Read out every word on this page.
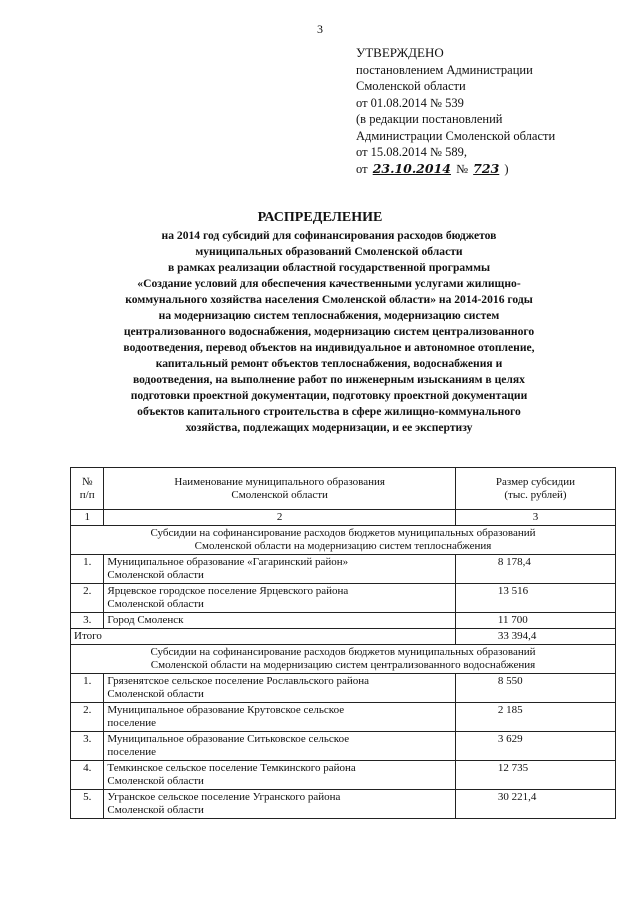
3
УТВЕРЖДЕНО
постановлением Администрации
Смоленской области
от 01.08.2014 № 539
(в редакции постановлений
Администрации Смоленской области
от 15.08.2014 № 589,
от 23.10.2014 № 723 )
РАСПРЕДЕЛЕНИЕ
на 2014 год субсидий для софинансирования расходов бюджетов
муниципальных образований Смоленской области
в рамках реализации областной государственной программы
«Создание условий для обеспечения качественными услугами жилищно-
коммунального хозяйства населения Смоленской области» на 2014-2016 годы
на модернизацию систем теплоснабжения, модернизацию систем
централизованного водоснабжения, модернизацию систем централизованного
водоотведения, перевод объектов на индивидуальное и автономное отопление,
капитальный ремонт объектов теплоснабжения, водоснабжения и
водоотведения, на выполнение работ по инженерным изысканиям в целях
подготовки проектной документации, подготовку проектной документации
объектов капитального строительства в сфере жилищно-коммунального
хозяйства, подлежащих модернизации, и ее экспертизу
№
п/п	Наименование муниципального образования
Смоленской области	Размер субсидии
(тыс. рублей)
1	2	3
Субсидии на софинансирование расходов бюджетов муниципальных образований
Смоленской области на модернизацию систем теплоснабжения		
1.	Муниципальное образование «Гагаринский район»
Смоленской области	8 178,4
2.	Ярцевское городское поселение Ярцевского района
Смоленской области	13 516
3.	Город Смоленск	11 700
Итого		33 394,4
Субсидии на софинансирование расходов бюджетов муниципальных образований
Смоленской области на модернизацию систем централизованного водоснабжения		
1.	Грязенятское сельское поселение Рославльского района
Смоленской области	8 550
2.	Муниципальное образование Крутовское сельское
поселение	2 185
3.	Муниципальное образование Ситьковское сельское
поселение	3 629
4.	Темкинское сельское поселение Темкинского района
Смоленской области	12 735
5.	Угранское сельское поселение Угранского района
Смоленской области	30 221,4
